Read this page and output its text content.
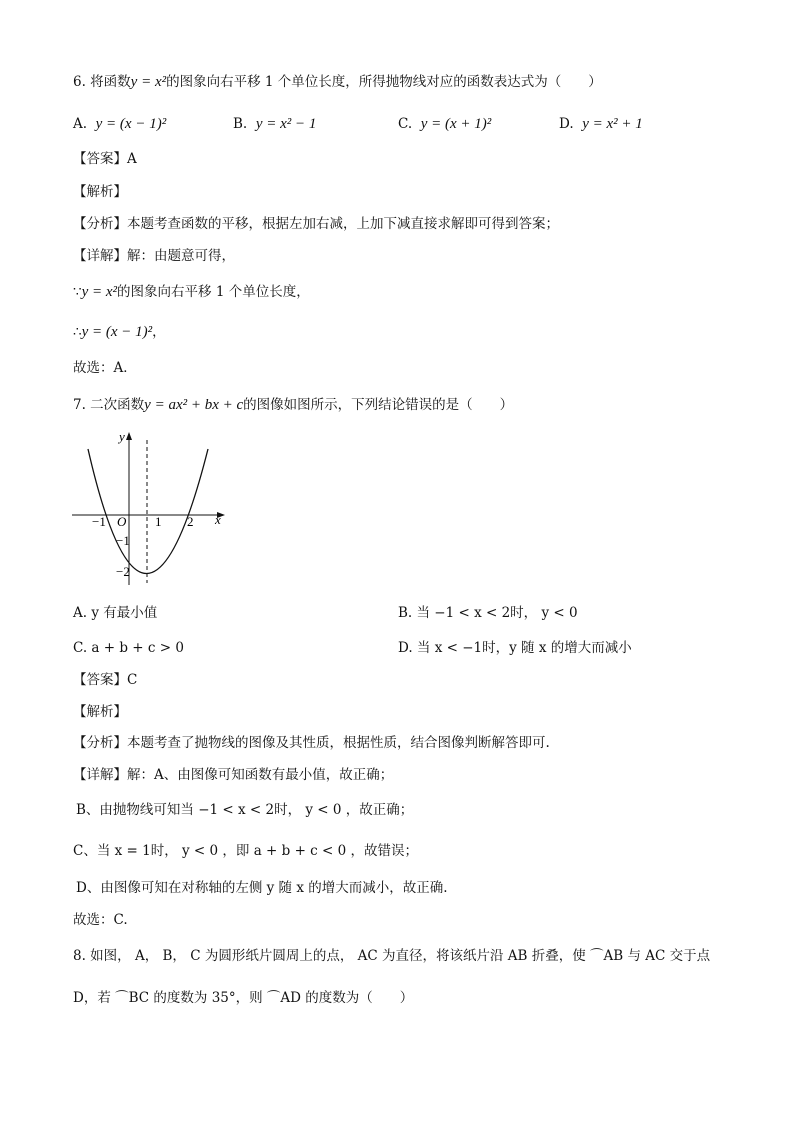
6. 将函数y = x²的图象向右平移 1 个单位长度，所得抛物线对应的函数表达式为（　　）
A. y = (x − 1)²	B. y = x² − 1	C. y = (x + 1)²	D. y = x² + 1
【答案】A
【解析】
【分析】本题考查函数的平移，根据左加右减，上加下减直接求解即可得到答案；
【详解】解：由题意可得，
∵y = x²的图象向右平移 1 个单位长度，
∴y = (x − 1)²，
故选：A．
7. 二次函数y = ax² + bx + c的图像如图所示，下列结论错误的是（　　）
y
x
O
−1	1 2
−1
−2
A. y 有最小值	B. 当 −1 < x < 2时， y < 0
C. a + b + c > 0	D. 当 x < −1时，y 随 x 的增大而减小
【答案】C
【解析】
【分析】本题考查了抛物线的图像及其性质，根据性质，结合图像判断解答即可.
【详解】解：A、由图像可知函数有最小值，故正确；
B、由抛物线可知当 −1 < x < 2时， y < 0 ，故正确；
C、当 x = 1时， y < 0 ，即 a + b + c < 0 ，故错误；
D、由图像可知在对称轴的左侧 y 随 x 的增大而减小，故正确.
故选：C.
8. 如图， A， B， C 为圆形纸片圆周上的点， AC 为直径，将该纸片沿 AB 折叠，使 ⌒AB 与 AC 交于点
D，若 ⌒BC 的度数为 35°，则 ⌒AD 的度数为（　　）
